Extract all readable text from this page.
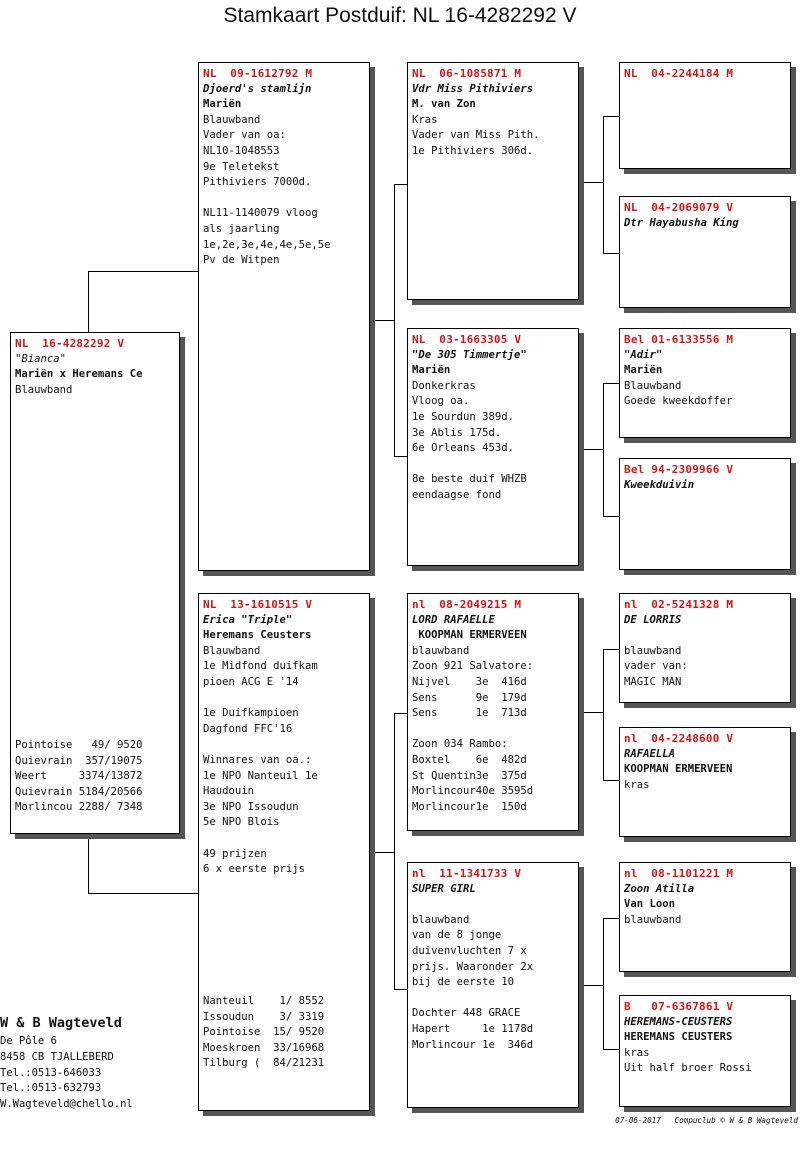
Stamkaart Postduif: NL 16-4282292 V
NL  16-4282292 V
"Bianca"
Mariën x Heremans Ce
Blauwband
Pointoise   49/ 9520
Quievrain  357/19075
Weert     3374/13872
Quievrain 5184/20566
Morlincou 2288/ 7348
NL  09-1612792 M
Djoerd's stamlijn
Mariën
Blauwband
Vader van oa:
NL10-1048553
9e Teletekst
Pithiviers 7000d.
NL11-1140079 vloog
als jaarling
1e,2e,3e,4e,4e,5e,5e
Pv de Witpen
NL  13-1610515 V
Erica "Triple"
Heremans Ceusters
Blauwband
1e Midfond duifkam
pioen ACG E '14
1e Duifkampioen
Dagfond FFC'16
Winnares van oa.:
1e NPO Nanteuil 1e
Haudouin
3e NPO Issoudun
5e NPO Blois
49 prijzen
6 x eerste prijs
Nanteuil    1/ 8552
Issoudun    3/ 3319
Pointoise  15/ 9520
Moeskroen  33/16968
Tilburg (  84/21231
NL  06-1085871 M
Vdr Miss Pithiviers
M. van Zon
Kras
Vader van Miss Pith.
1e Pithiviers 306d.
NL  03-1663305 V
"De 305 Timmertje"
Mariën
Donkerkras
Vloog oa.
1e Sourdun 389d.
3e Ablis 175d.
6e Orleans 453d.
8e beste duif WHZB
eendaagse fond
nl  08-2049215 M
LORD RAFAELLE
KOOPMAN ERMERVEEN
blauwband
Zoon 921 Salvatore:
Nijvel    3e  416d
Sens      9e  179d
Sens      1e  713d
Zoon 034 Rambo:
Boxtel    6e  482d
St Quentin3e  375d
Morlincour40e 3595d
Morlincour1e  150d
nl  11-1341733 V
SUPER GIRL
blauwband
van de 8 jonge
duivenvluchten 7 x
prijs. Waaronder 2x
bij de eerste 10
Dochter 448 GRACE
Hapert     1e 1178d
Morlincour 1e  346d
NL  04-2244184 M
NL  04-2069079 V
Dtr Hayabusha King
Bel 01-6133556 M
"Adir"
Mariën
Blauwband
Goede kweekdoffer
Bel 94-2309966 V
Kweekduivin
nl  02-5241328 M
DE LORRIS
blauwband
vader van:
MAGIC MAN
nl  04-2248600 V
RAFAELLA
KOOPMAN ERMERVEEN
kras
nl  08-1101221 M
Zoon Atilla
Van Loon
blauwband
B   07-6367861 V
HEREMANS-CEUSTERS
HEREMANS CEUSTERS
kras
Uit half broer Rossi
W & B Wagteveld
De Pôle 6
8458 CB TJALLEBERD
Tel.:0513-646033
Tel.:0513-632793
W.Wagteveld@chello.nl
07-06-2017   Compuclub © W & B Wagteveld
